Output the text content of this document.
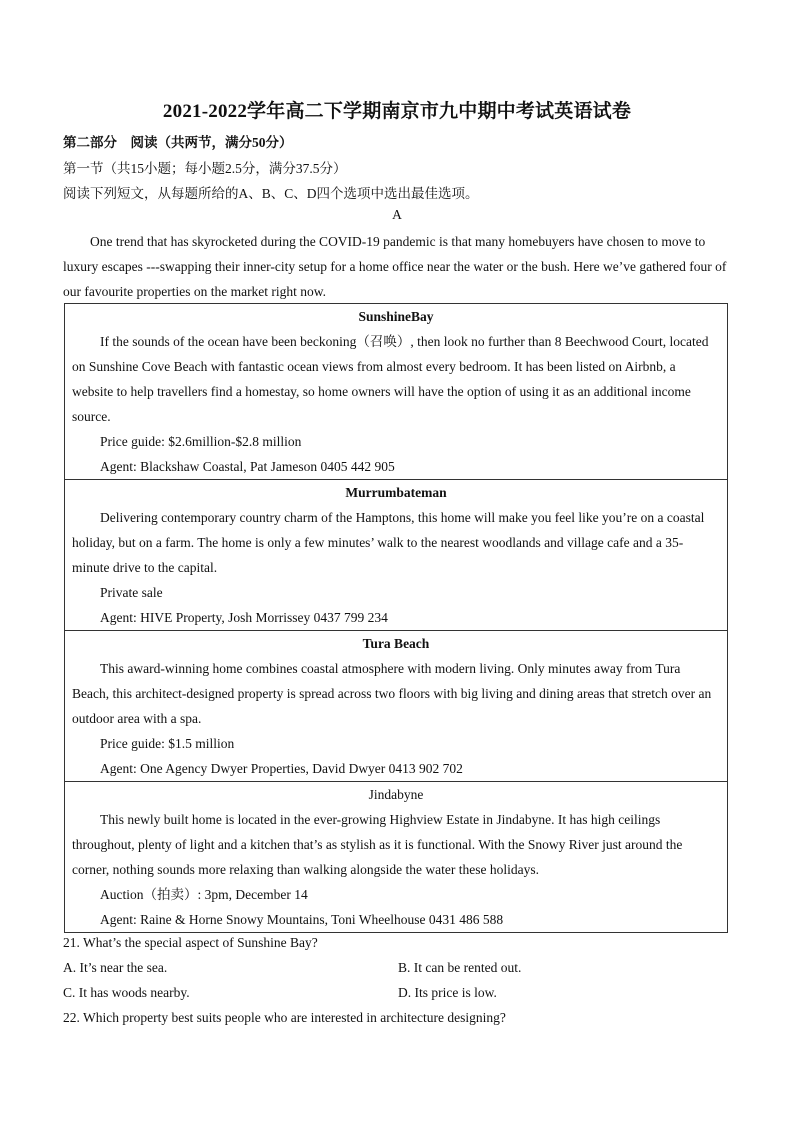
2021-2022学年高二下学期南京市九中期中考试英语试卷
第二部分　阅读（共两节，满分50分）
第一节（共15小题；每小题2.5分，满分37.5分）
阅读下列短文，从每题所给的A、B、C、D四个选项中选出最佳选项。
A
One trend that has skyrocketed during the COVID-19 pandemic is that many homebuyers have chosen to move to luxury escapes ---swapping their inner-city setup for a home office near the water or the bush. Here we’ve gathered four of our favourite properties on the market right now.
SunshineBay
If the sounds of the ocean have been beckoning（召唤）, then look no further than 8 Beechwood Court, located on Sunshine Cove Beach with fantastic ocean views from almost every bedroom. It has been listed on Airbnb, a website to help travellers find a homestay, so home owners will have the option of using it as an additional income source.
Price guide: $2.6million-$2.8 million
Agent: Blackshaw Coastal, Pat Jameson 0405 442 905

Murrumbateman
Delivering contemporary country charm of the Hamptons, this home will make you feel like you’re on a coastal holiday, but on a farm. The home is only a few minutes’ walk to the nearest woodlands and village cafe and a 35-minute drive to the capital.
Private sale
Agent: HIVE Property, Josh Morrissey 0437 799 234

Tura Beach
This award-winning home combines coastal atmosphere with modern living. Only minutes away from Tura Beach, this architect-designed property is spread across two floors with big living and dining areas that stretch over an outdoor area with a spa.
Price guide: $1.5 million
Agent: One Agency Dwyer Properties, David Dwyer 0413 902 702

Jindabyne
This newly built home is located in the ever-growing Highview Estate in Jindabyne. It has high ceilings throughout, plenty of light and a kitchen that’s as stylish as it is functional. With the Snowy River just around the corner, nothing sounds more relaxing than walking alongside the water these holidays.
Auction（拍卖）: 3pm, December 14
Agent: Raine & Horne Snowy Mountains, Toni Wheelhouse 0431 486 588
21. What’s the special aspect of Sunshine Bay?
A. It’s near the sea.	B. It can be rented out.
C. It has woods nearby.	D. Its price is low.
22. Which property best suits people who are interested in architecture designing?
